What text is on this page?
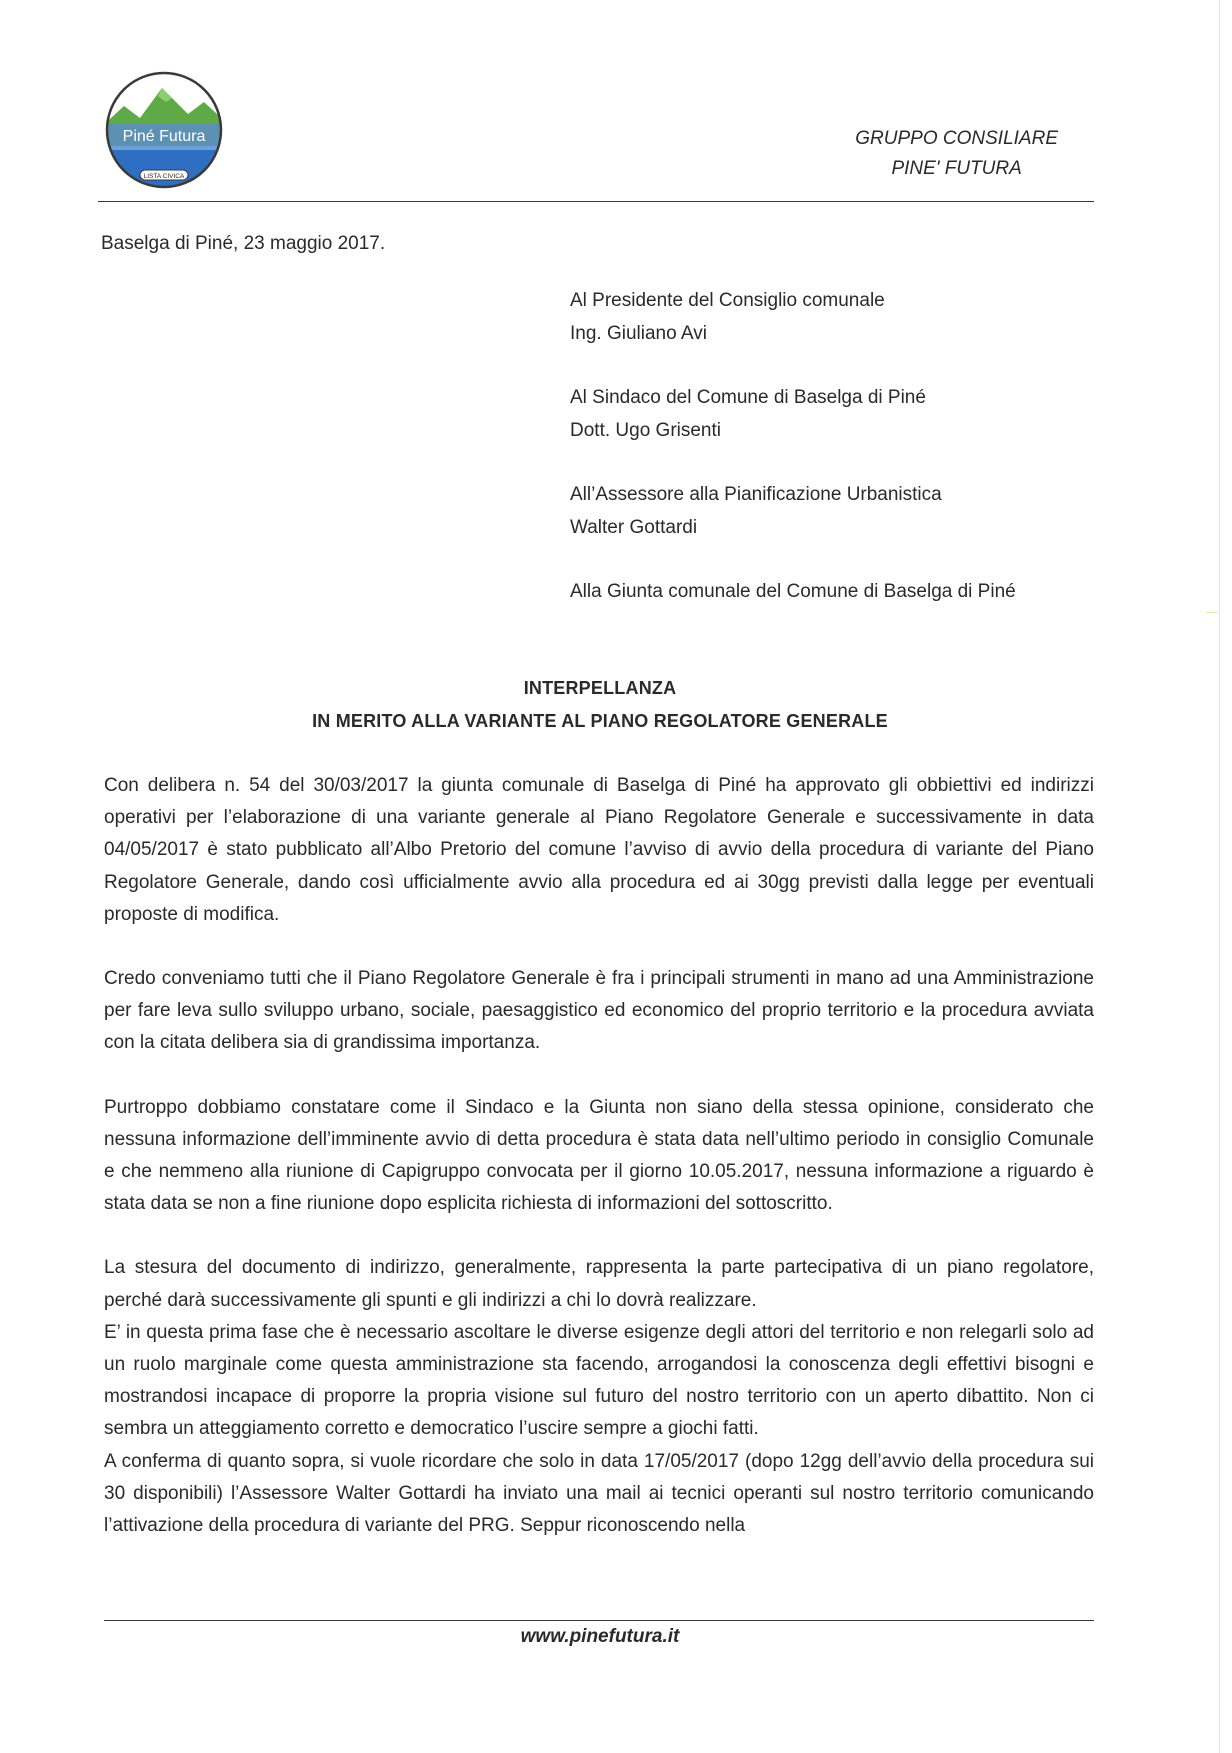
Piné Futura
LISTA CIVICA
GRUPPO CONSILIARE
PINE' FUTURA
Baselga di Piné, 23 maggio 2017.
Al Presidente del Consiglio comunale
Ing. Giuliano Avi
Al Sindaco del Comune di Baselga di Piné
Dott. Ugo Grisenti
All’Assessore alla Pianificazione Urbanistica
Walter Gottardi
Alla Giunta comunale del Comune di Baselga di Piné
INTERPELLANZA
IN MERITO ALLA VARIANTE AL PIANO REGOLATORE GENERALE

Con delibera n. 54 del 30/03/2017 la giunta comunale di Baselga di Piné ha approvato gli obbiettivi ed indirizzi operativi per l’elaborazione di una variante generale al Piano Regolatore Generale e successivamente in data 04/05/2017 è stato pubblicato all’Albo Pretorio del comune l’avviso di avvio della procedura di variante del Piano Regolatore Generale, dando così ufficialmente avvio alla procedura ed ai 30gg previsti dalla legge per eventuali proposte di modifica.

Credo conveniamo tutti che il Piano Regolatore Generale è fra i principali strumenti in mano ad una Amministrazione per fare leva sullo sviluppo urbano, sociale, paesaggistico ed economico del proprio territorio e la procedura avviata con la citata delibera sia di grandissima importanza.

Purtroppo dobbiamo constatare come il Sindaco e la Giunta non siano della stessa opinione, considerato che nessuna informazione dell’imminente avvio di detta procedura è stata data nell’ultimo periodo in consiglio Comunale e che nemmeno alla riunione di Capigruppo convocata per il giorno 10.05.2017, nessuna informazione a riguardo è stata data se non a fine riunione dopo esplicita richiesta di informazioni del sottoscritto.

La stesura del documento di indirizzo, generalmente, rappresenta la parte partecipativa di un piano regolatore, perché darà successivamente gli spunti e gli indirizzi a chi lo dovrà realizzare.

E’ in questa prima fase che è necessario ascoltare le diverse esigenze degli attori del territorio e non relegarli solo ad un ruolo marginale come questa amministrazione sta facendo, arrogandosi la conoscenza degli effettivi bisogni e mostrandosi incapace di proporre la propria visione sul futuro del nostro territorio con un aperto dibattito. Non ci sembra un atteggiamento corretto e democratico l’uscire sempre a giochi fatti.

A conferma di quanto sopra, si vuole ricordare che solo in data 17/05/2017 (dopo 12gg dell’avvio della procedura sui 30 disponibili) l’Assessore Walter Gottardi ha inviato una mail ai tecnici operanti sul nostro territorio comunicando l’attivazione della procedura di variante del PRG. Seppur riconoscendo nella

www.pinefutura.it
